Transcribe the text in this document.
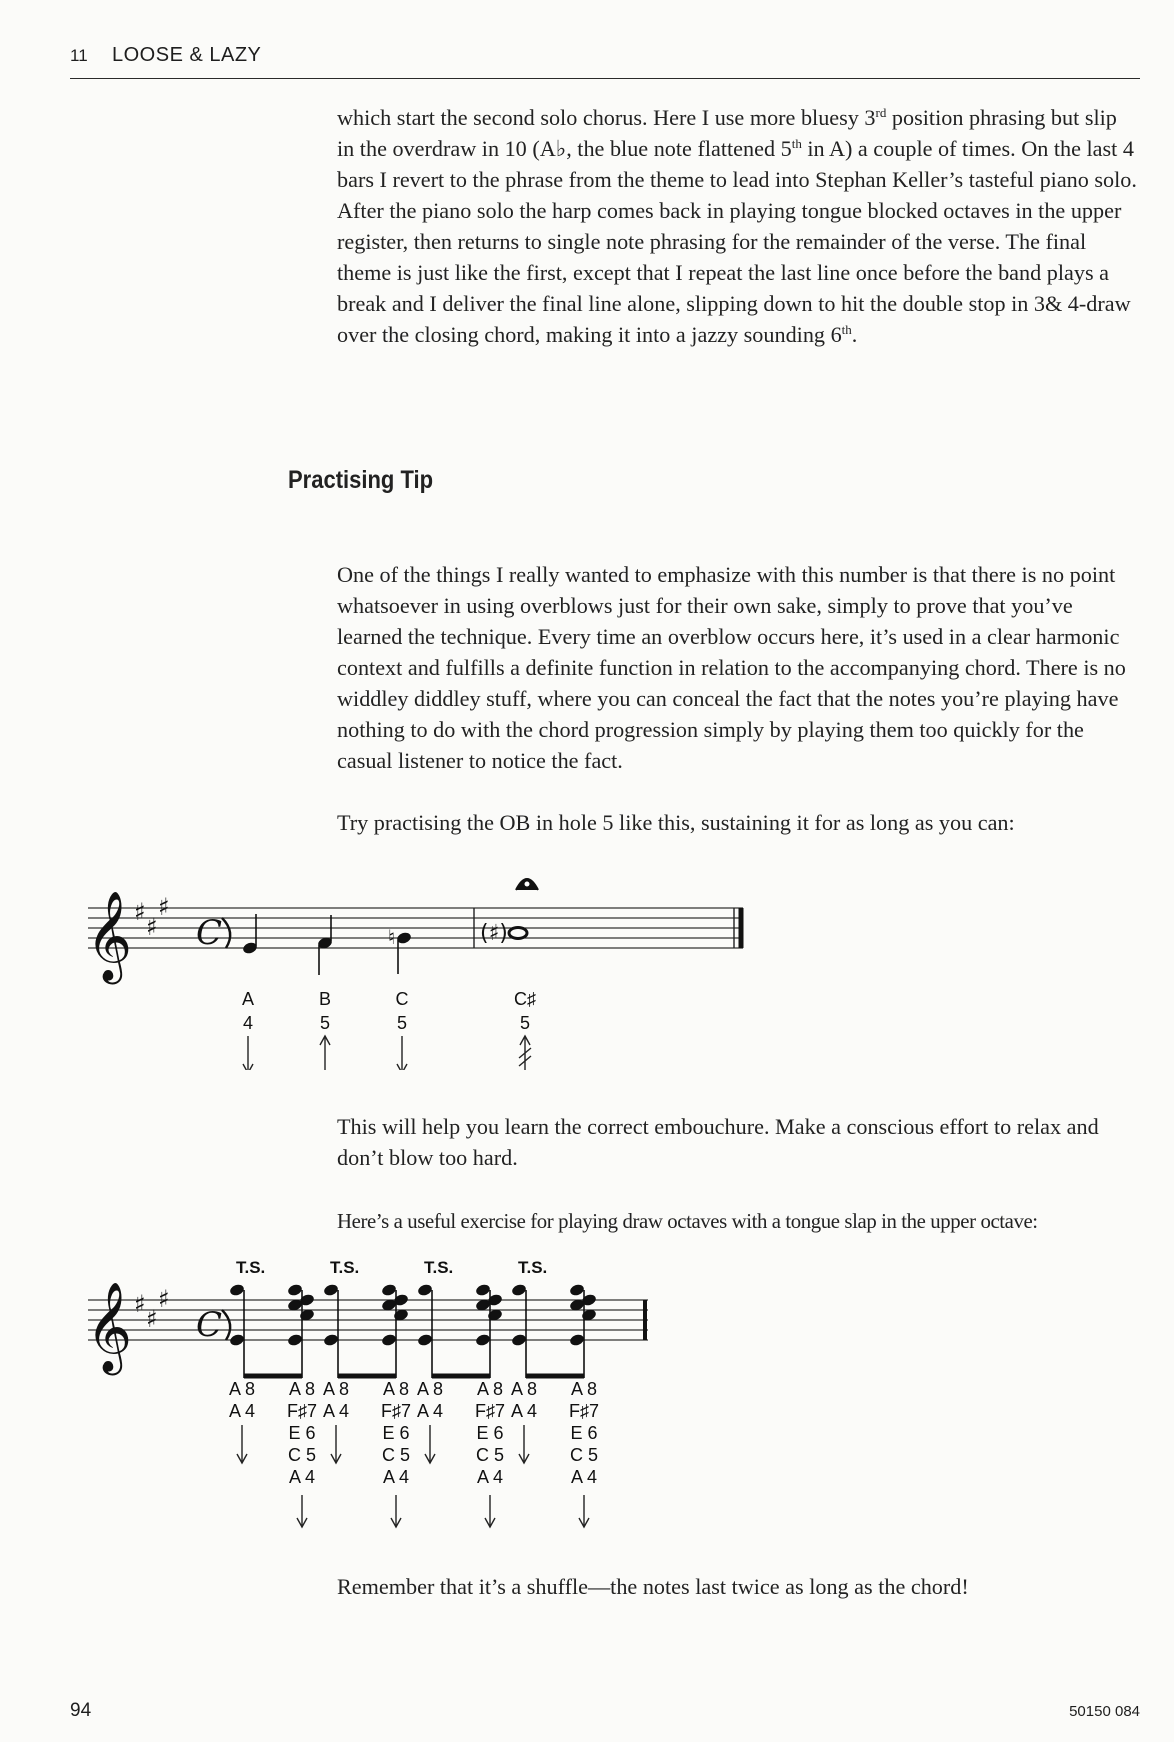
11 LOOSE & LAZY

which start the second solo chorus. Here I use more bluesy 3rd position phrasing but slip in the overdraw in 10 (A♭, the blue note flattened 5th in A) a couple of times. On the last 4 bars I revert to the phrase from the theme to lead into Stephan Keller’s tasteful piano solo. After the piano solo the harp comes back in playing tongue blocked octaves in the upper register, then returns to single note phrasing for the remainder of the verse. The final theme is just like the first, except that I repeat the last line once before the band plays a break and I deliver the final line alone, slipping down to hit the double stop in 3& 4-draw over the closing chord, making it into a jazzy sounding 6th.

Practising Tip

One of the things I really wanted to emphasize with this number is that there is no point whatsoever in using overblows just for their own sake, simply to prove that you’ve learned the technique. Every time an overblow occurs here, it’s used in a clear harmonic context and fulfills a definite function in relation to the accompanying chord. There is no widdley diddley stuff, where you can conceal the fact that the notes you’re playing have nothing to do with the chord progression simply by playing them too quickly for the casual listener to notice the fact.

Try practising the OB in hole 5 like this, sustaining it for as long as you can:

𝄞 ♯
♯
♯
C	♮	(♯)
A
4
B
5
C
5
C♯
5

This will help you learn the correct embouchure. Make a conscious effort to relax and don’t blow too hard.

Here’s a useful exercise for playing draw octaves with a tongue slap in the upper octave:

𝄞 ♯
♯
♯
C
T.S.	T.S.	T.S.	T.S.
A 8
A 4
A 8
F♯7
E 6
C 5
A 4
A 8
A 4
A 8
F♯7
E 6
C 5
A 4
A 8
A 4
A 8
F♯7
E 6
C 5
A 4
A 8
A 4
A 8
F♯7
E 6
C 5
A 4

Remember that it’s a shuffle—the notes last twice as long as the chord!

94	50150 084
